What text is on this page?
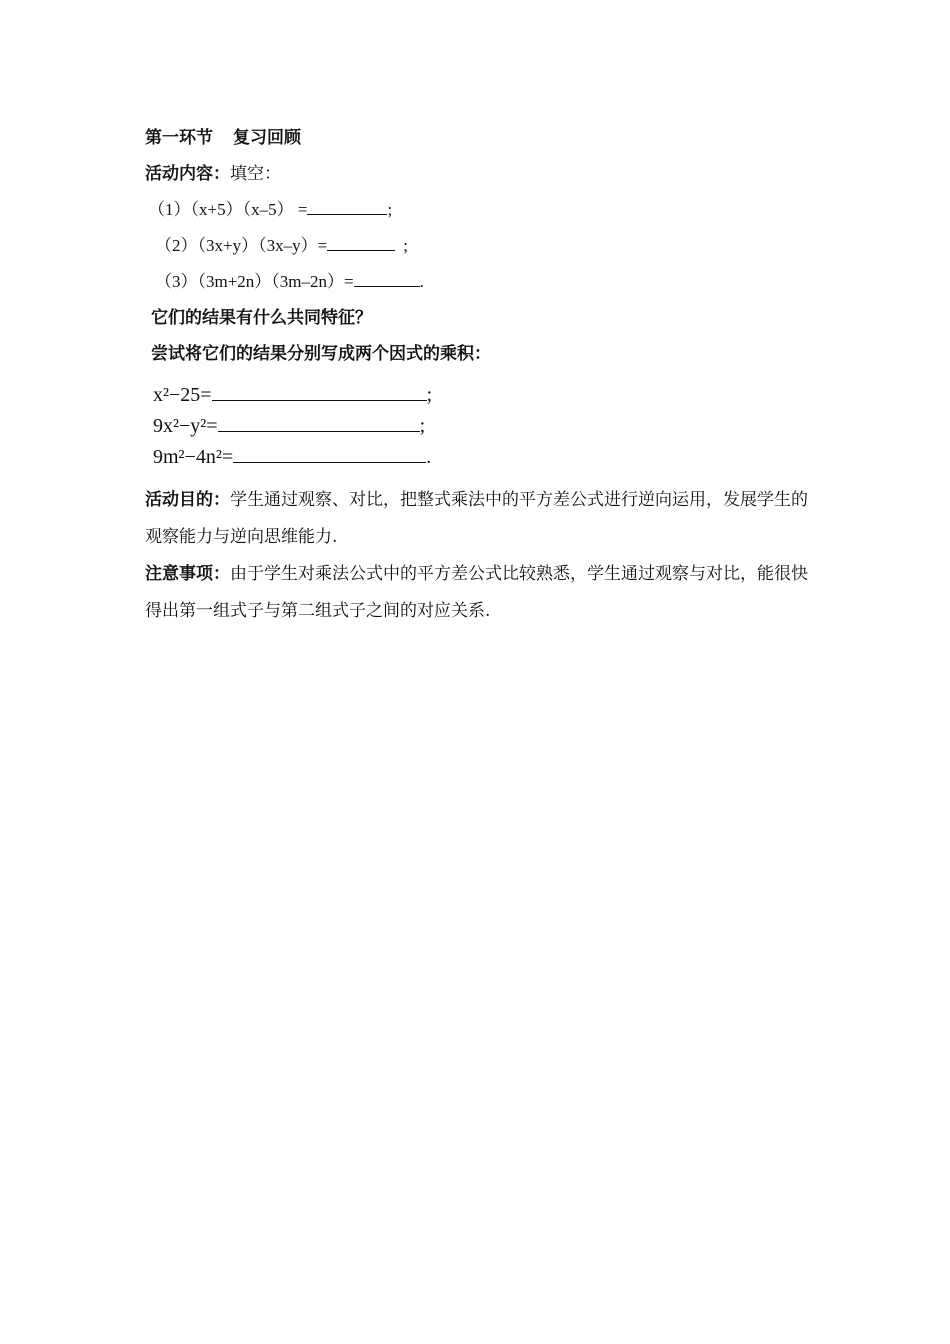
第一环节 复习回顾
活动内容：填空：
（1）（x+5）（x–5） =	;
（2）（3x+y）（3x–y）=	;
（3）（3m+2n）（3m–2n）=	.
它们的结果有什么共同特征？
尝试将它们的结果分别写成两个因式的乘积：
x²−25=	;
9x²−y²=	;
9m²−4n²=	.
活动目的：学生通过观察、对比，把整式乘法中的平方差公式进行逆向运用，发展学生的观察能力与逆向思维能力.
注意事项：由于学生对乘法公式中的平方差公式比较熟悉，学生通过观察与对比，能很快得出第一组式子与第二组式子之间的对应关系.
